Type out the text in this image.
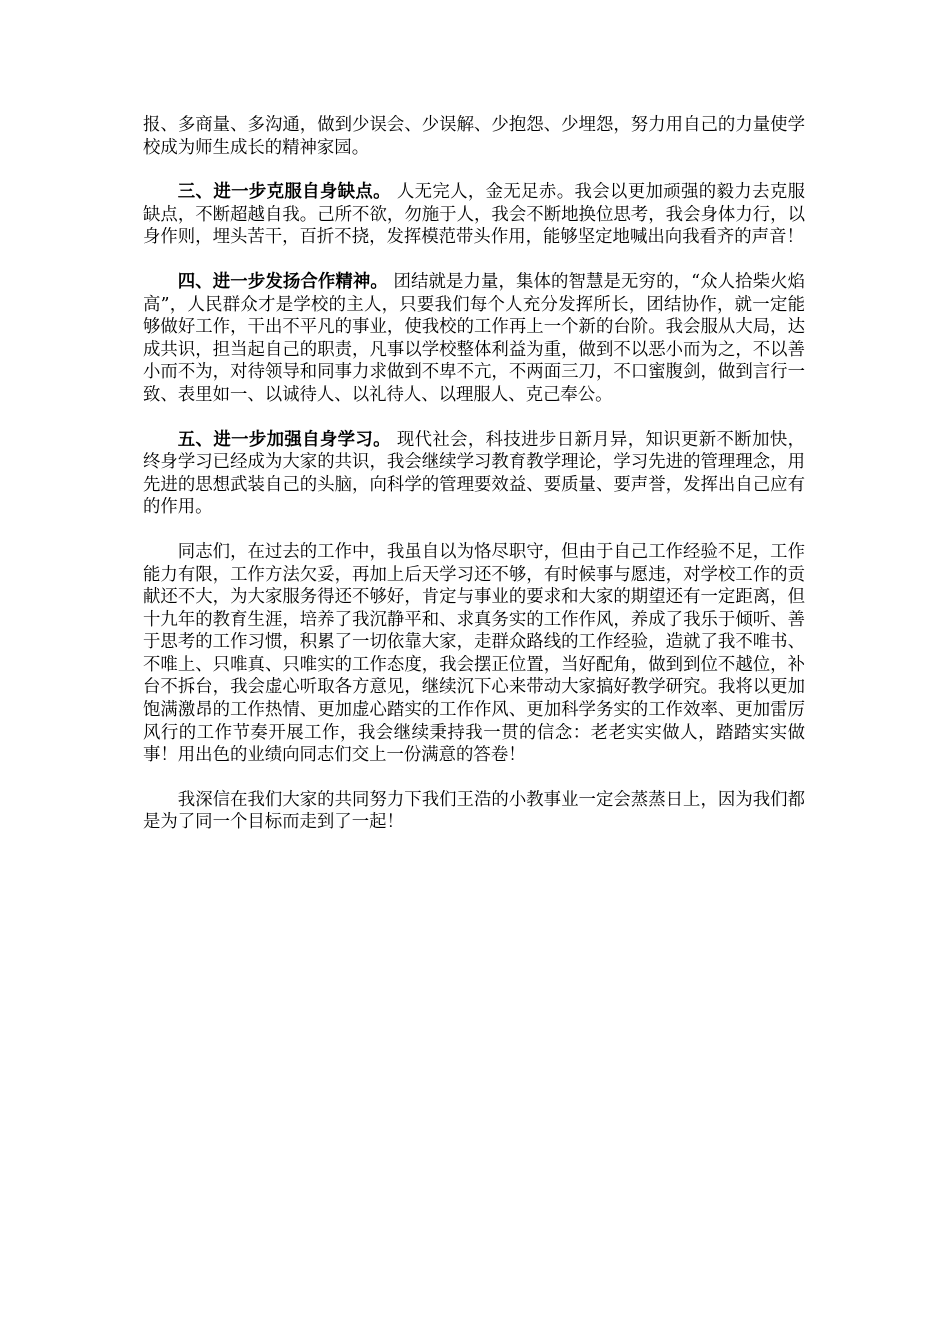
报、多商量、多沟通，做到少误会、少误解、少抱怨、少埋怨，努力用自己的力量使学校成为师生成长的精神家园。

三、进一步克服自身缺点。 人无完人，金无足赤。我会以更加顽强的毅力去克服缺点，不断超越自我。己所不欲，勿施于人，我会不断地换位思考，我会身体力行，以身作则，埋头苦干，百折不挠，发挥模范带头作用，能够坚定地喊出向我看齐的声音！

四、进一步发扬合作精神。 团结就是力量，集体的智慧是无穷的，“众人拾柴火焰高”，人民群众才是学校的主人，只要我们每个人充分发挥所长，团结协作，就一定能够做好工作，干出不平凡的事业，使我校的工作再上一个新的台阶。我会服从大局，达成共识，担当起自己的职责，凡事以学校整体利益为重，做到不以恶小而为之，不以善小而不为，对待领导和同事力求做到不卑不亢，不两面三刀，不口蜜腹剑，做到言行一致、表里如一、以诚待人、以礼待人、以理服人、克己奉公。

五、进一步加强自身学习。 现代社会，科技进步日新月异，知识更新不断加快，终身学习已经成为大家的共识，我会继续学习教育教学理论，学习先进的管理理念，用先进的思想武装自己的头脑，向科学的管理要效益、要质量、要声誉，发挥出自己应有的作用。

同志们，在过去的工作中，我虽自以为恪尽职守，但由于自己工作经验不足，工作能力有限，工作方法欠妥，再加上后天学习还不够，有时候事与愿违，对学校工作的贡献还不大，为大家服务得还不够好，肯定与事业的要求和大家的期望还有一定距离，但十九年的教育生涯，培养了我沉静平和、求真务实的工作作风，养成了我乐于倾听、善于思考的工作习惯，积累了一切依靠大家，走群众路线的工作经验，造就了我不唯书、不唯上、只唯真、只唯实的工作态度，我会摆正位置，当好配角，做到到位不越位，补台不拆台，我会虚心听取各方意见，继续沉下心来带动大家搞好教学研究。我将以更加饱满激昂的工作热情、更加虚心踏实的工作作风、更加科学务实的工作效率、更加雷厉风行的工作节奏开展工作，我会继续秉持我一贯的信念：老老实实做人，踏踏实实做事！用出色的业绩向同志们交上一份满意的答卷！

我深信在我们大家的共同努力下我们王浩的小教事业一定会蒸蒸日上，因为我们都是为了同一个目标而走到了一起！
